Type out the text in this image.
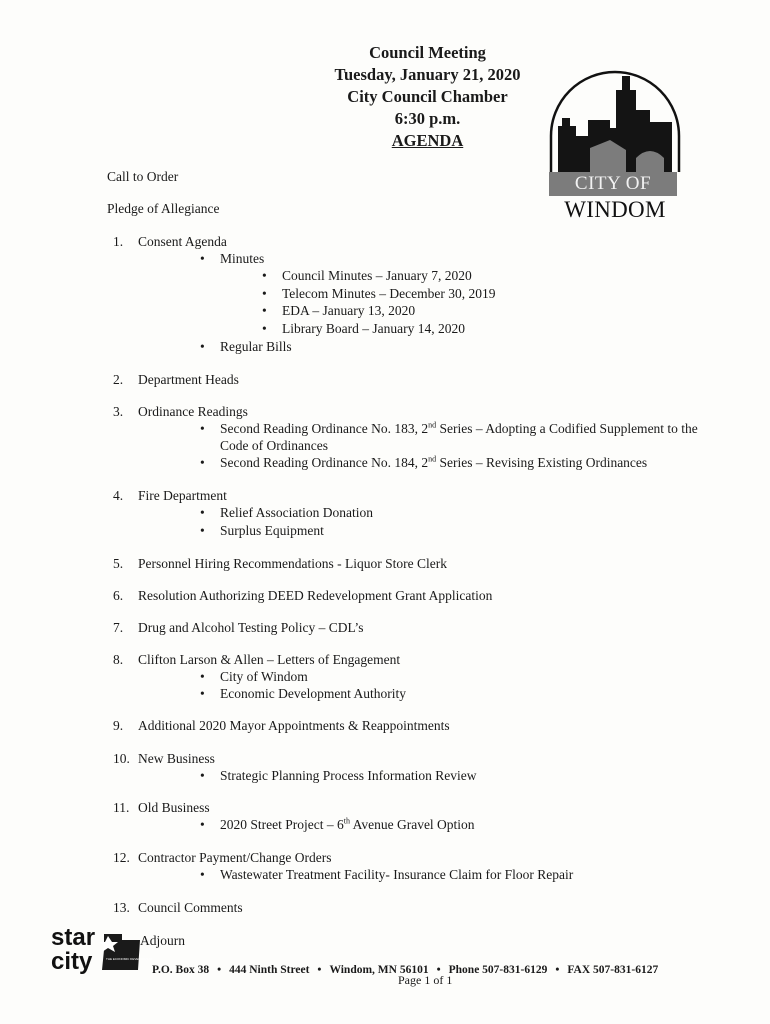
Council Meeting
Tuesday, January 21, 2020
City Council Chamber
6:30 p.m.
AGENDA
CITY OF
WINDOM
Call to Order
Pledge of Allegiance
1. Consent Agenda
• Minutes
• Council Minutes – January 7, 2020
• Telecom Minutes – December 30, 2019
• EDA – January 13, 2020
• Library Board – January 14, 2020
• Regular Bills
2. Department Heads
3. Ordinance Readings
• Second Reading Ordinance No. 183, 2nd Series – Adopting a Codified Supplement to the Code of Ordinances
• Second Reading Ordinance No. 184, 2nd Series – Revising Existing Ordinances
4. Fire Department
• Relief Association Donation
• Surplus Equipment
5. Personnel Hiring Recommendations - Liquor Store Clerk
6. Resolution Authorizing DEED Redevelopment Grant Application
7. Drug and Alcohol Testing Policy – CDL’s
8. Clifton Larson & Allen – Letters of Engagement
• City of Windom
• Economic Development Authority
9. Additional 2020 Mayor Appointments & Reappointments
10. New Business
• Strategic Planning Process Information Review
11. Old Business
• 2020 Street Project – 6th Avenue Gravel Option
12. Contractor Payment/Change Orders
• Wastewater Treatment Facility- Insurance Claim for Floor Repair
13. Council Comments
Adjourn
star
city	THE ECONOMIC DEVELOPMENT
P.O. Box 38 • 444 Ninth Street • Windom, MN 56101 • Phone 507-831-6129 • FAX 507-831-6127
Page 1 of 1
